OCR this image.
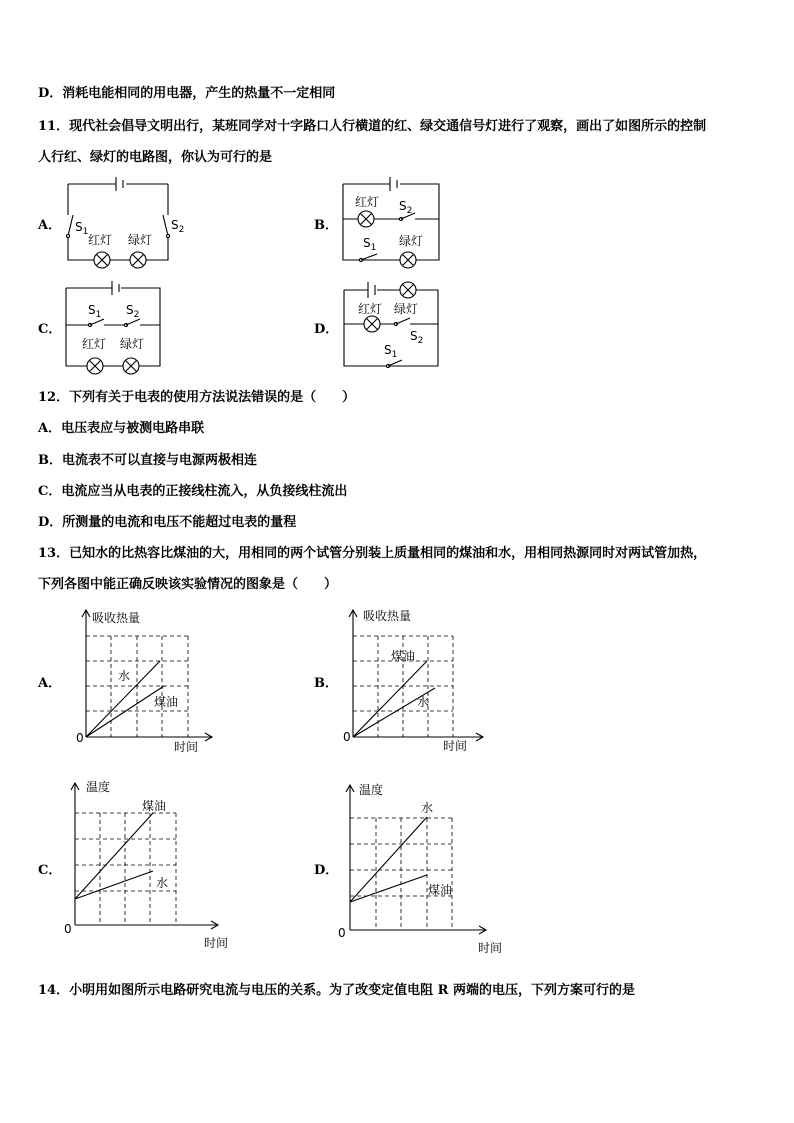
D．消耗电能相同的用电器，产生的热量不一定相同
11．现代社会倡导文明出行，某班同学对十字路口人行横道的红、绿交通信号灯进行了观察，画出了如图所示的控制
人行红、绿灯的电路图，你认为可行的是
A．	B．
C．	D．
$S_1$	$S_2$
红灯 绿灯
红灯 $S_2$
$S_1$ 绿灯
$S_1$ $S_2$
红灯 绿灯
红灯 绿灯
$S_2$
$S_1$
12．下列有关于电表的使用方法说法错误的是（　　）
A．电压表应与被测电路串联
B．电流表不可以直接与电源两极相连
C．电流应当从电表的正接线柱流入，从负接线柱流出
D．所测量的电流和电压不能超过电表的量程
13．已知水的比热容比煤油的大，用相同的两个试管分别装上质量相同的煤油和水，用相同热源同时对两试管加热，
下列各图中能正确反映该实验情况的图象是（　　）
A．	B．
C．	D．
吸收热量
时间
0
水
煤油
吸收热量
时间
0
煤油
水
温度
时间
0
煤油
水
温度
时间
0
水
煤油
14．小明用如图所示电路研究电流与电压的关系。为了改变定值电阻 R 两端的电压，下列方案可行的是
